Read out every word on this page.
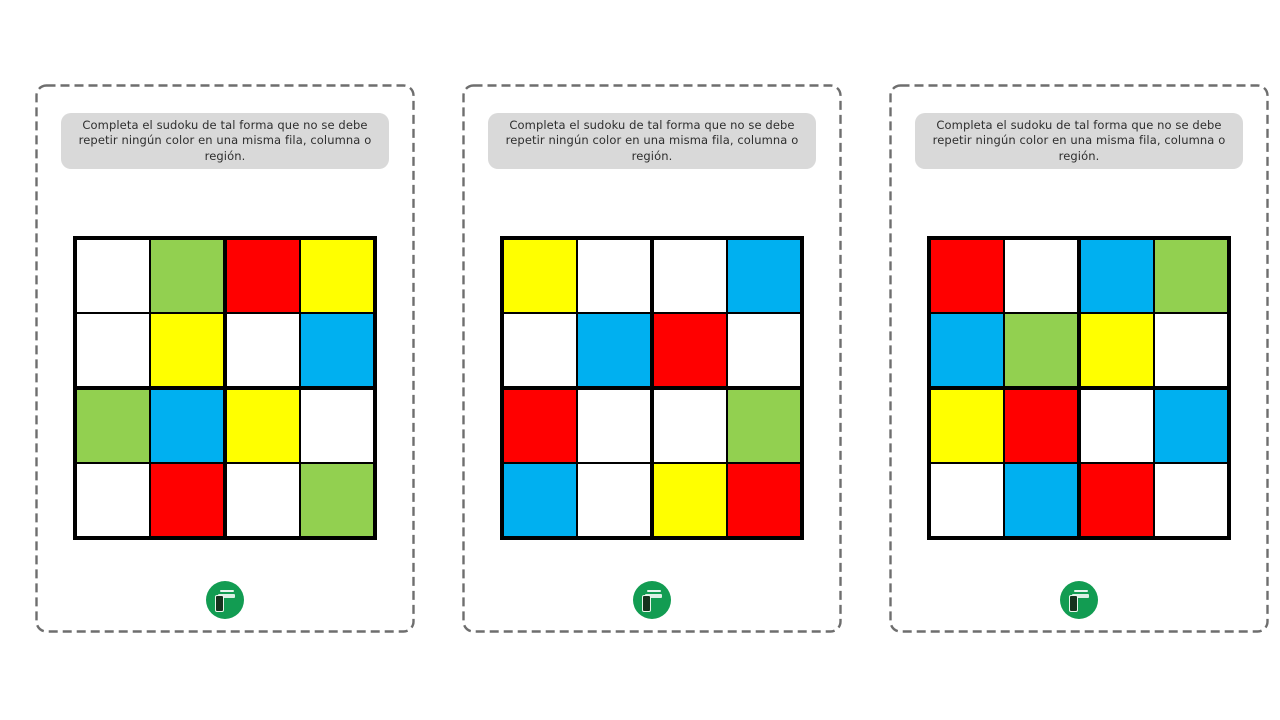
Completa el sudoku de tal forma que no se debe repetir ningún color en una misma fila, columna o región.
Completa el sudoku de tal forma que no se debe repetir ningún color en una misma fila, columna o región.
Completa el sudoku de tal forma que no se debe repetir ningún color en una misma fila, columna o región.
